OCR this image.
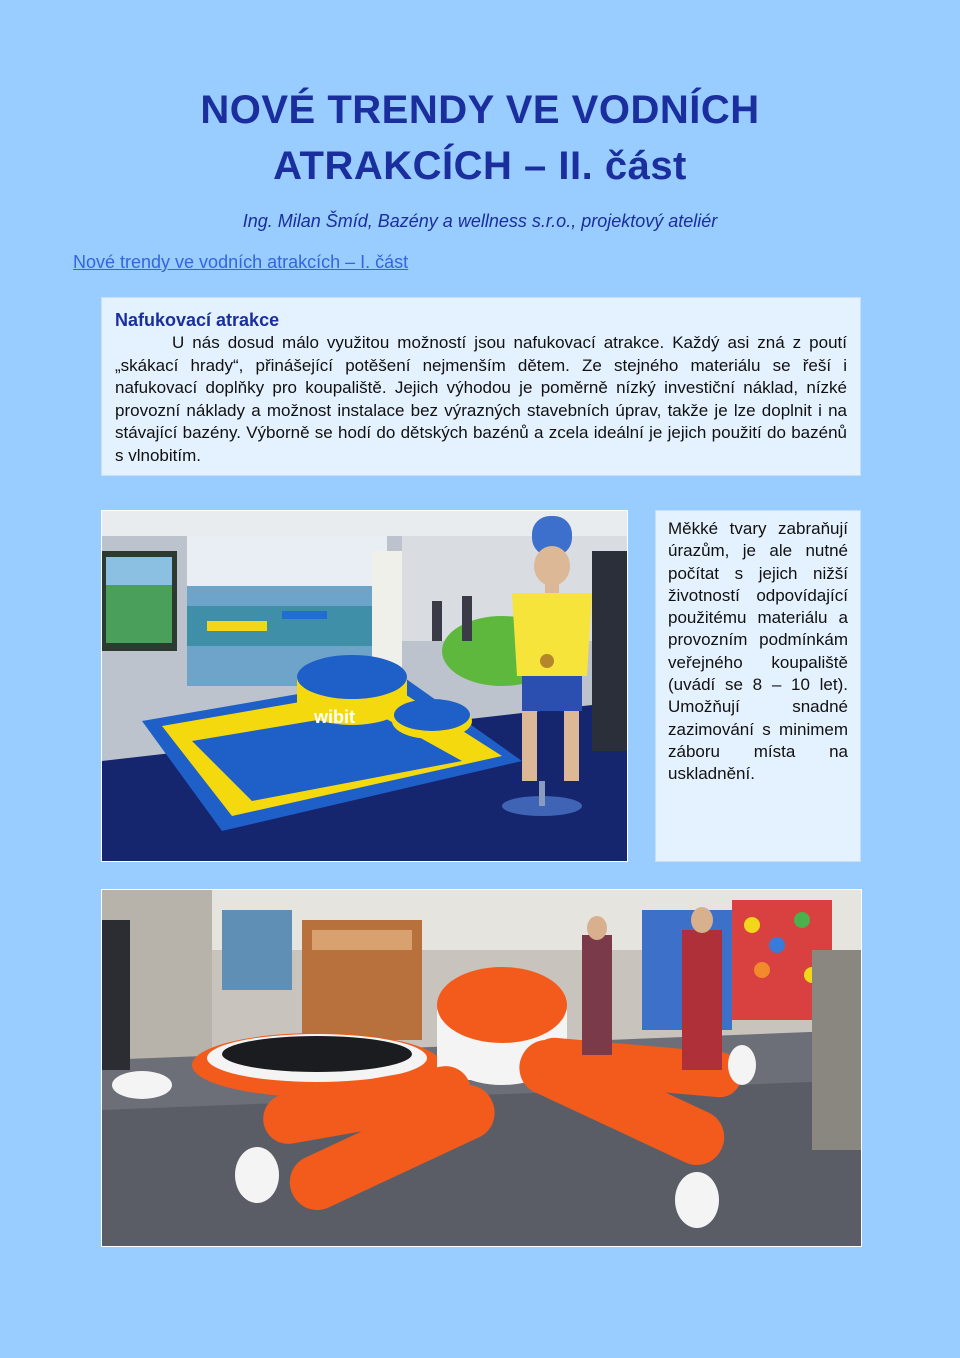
NOVÉ TRENDY VE VODNÍCH
ATRAKCÍCH – II. část
Ing. Milan Šmíd, Bazény a wellness s.r.o., projektový ateliér
Nové trendy ve vodních atrakcích – I. část

Nafukovací atrakce

U nás dosud málo využitou možností jsou nafukovací atrakce. Každý asi zná z poutí „skákací hrady“, přinášející potěšení nejmenším dětem. Ze stejného materiálu se řeší i nafukovací doplňky pro koupaliště. Jejich výhodou je poměrně nízký investiční náklad, nízké provozní náklady a možnost instalace bez výrazných stavebních úprav, takže je lze doplnit i na stávající bazény. Výborně se hodí do dětských bazénů a zcela ideální je jejich použití do bazénů s vlnobitím.

wibit
Měkké tvary zabraňují úrazům, je ale nutné počítat s jejich nižší životností odpovídající použitému materiálu a provozním podmínkám veřejného koupaliště (uvádí se 8 – 10 let). Umožňují snadné zazimování s minimem záboru místa na uskladnění.
